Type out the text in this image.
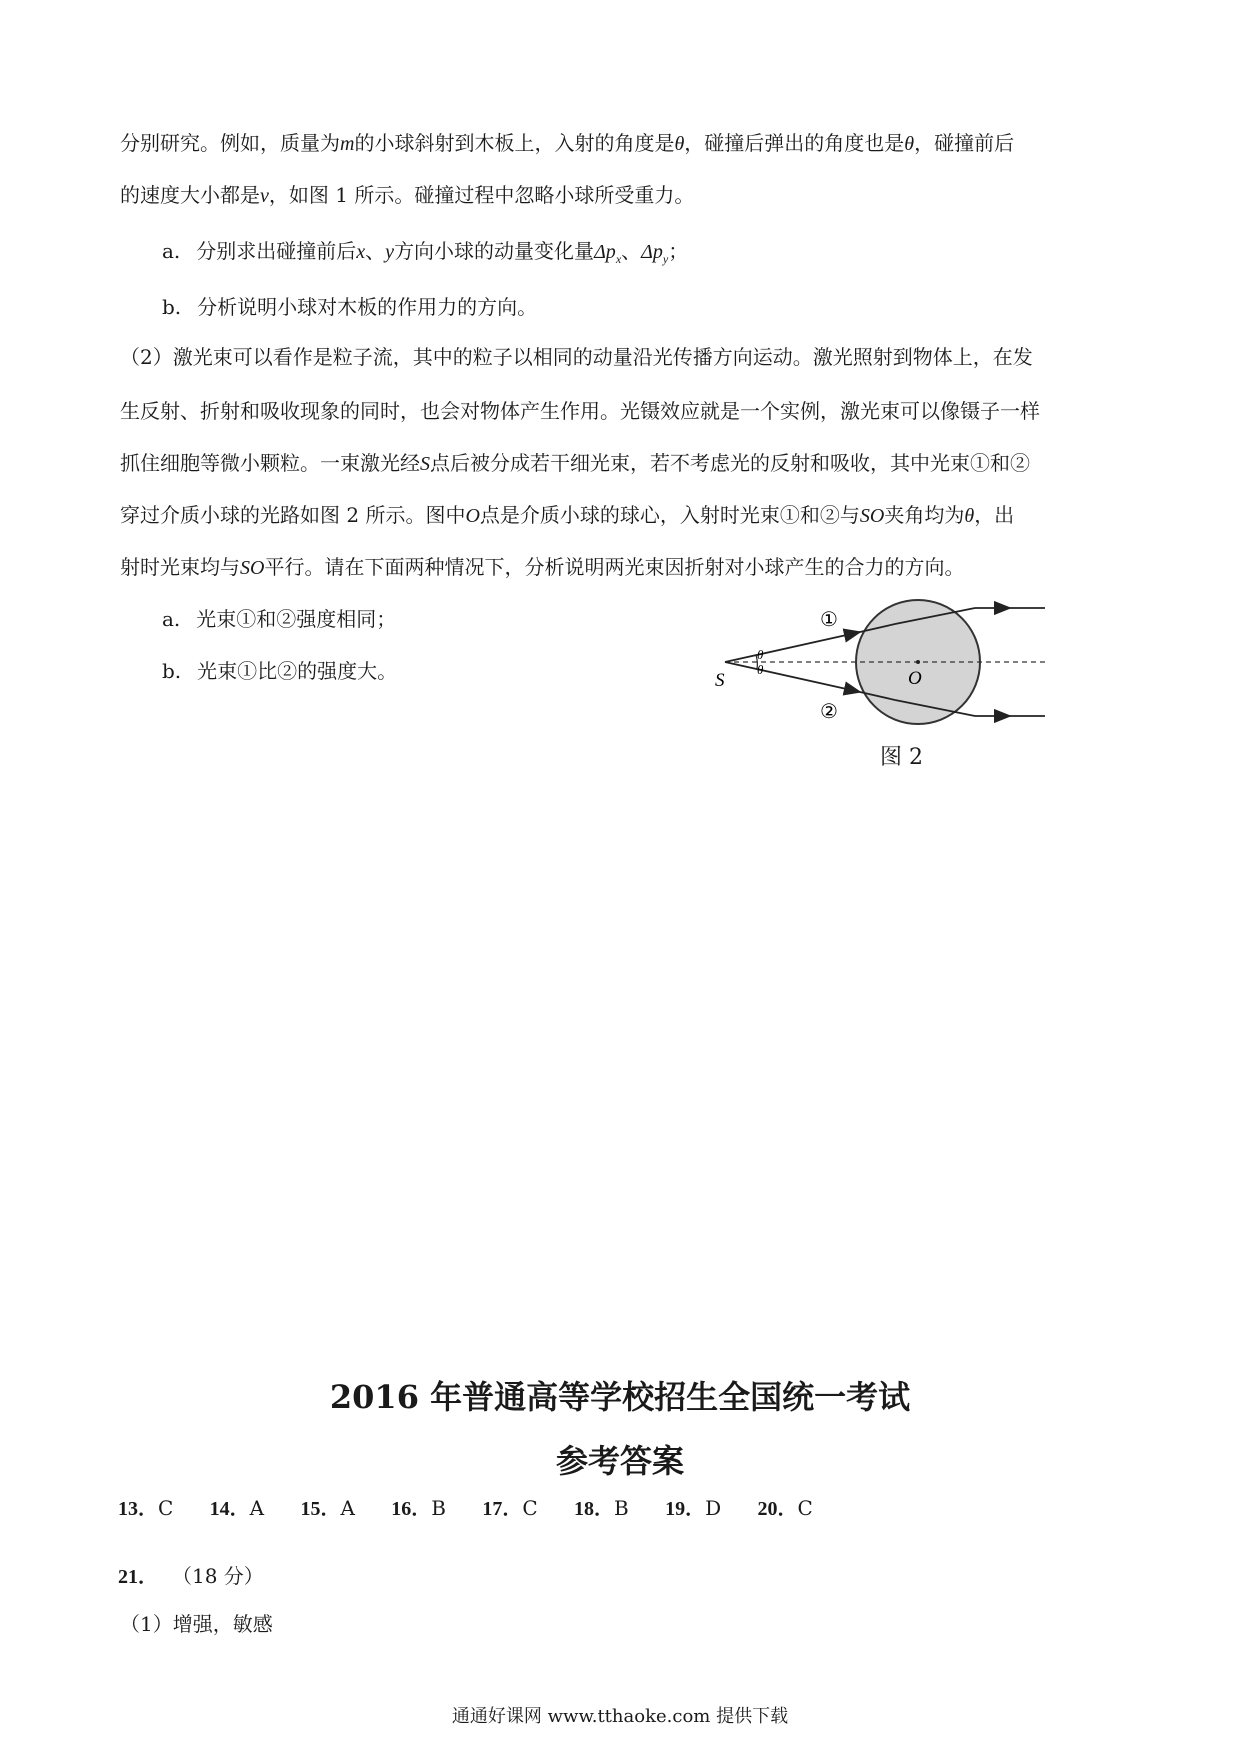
分别研究。例如，质量为m的小球斜射到木板上，入射的角度是θ，碰撞后弹出的角度也是θ，碰撞前后
的速度大小都是v，如图 1 所示。碰撞过程中忽略小球所受重力。
a. 分别求出碰撞前后x、y方向小球的动量变化量$\Delta p_x$、$\Delta p_y$；
b. 分析说明小球对木板的作用力的方向。
（2）激光束可以看作是粒子流，其中的粒子以相同的动量沿光传播方向运动。激光照射到物体上，在发
生反射、折射和吸收现象的同时，也会对物体产生作用。光镊效应就是一个实例，激光束可以像镊子一样
抓住细胞等微小颗粒。一束激光经S点后被分成若干细光束，若不考虑光的反射和吸收，其中光束①和②
穿过介质小球的光路如图 2 所示。图中O点是介质小球的球心，入射时光束①和②与SO夹角均为θ，出
射时光束均与SO平行。请在下面两种情况下，分析说明两光束因折射对小球产生的合力的方向。
a. 光束①和②强度相同；
b. 光束①比②的强度大。
θ
θ
S	O
①
②
图 2
2016 年普通高等学校招生全国统一考试
参考答案
13．C 14．A 15．A 16．B 17．C 18．B 19．D 20．C
21． （18 分）
（1）增强，敏感
通通好课网 www.tthaoke.com 提供下载
